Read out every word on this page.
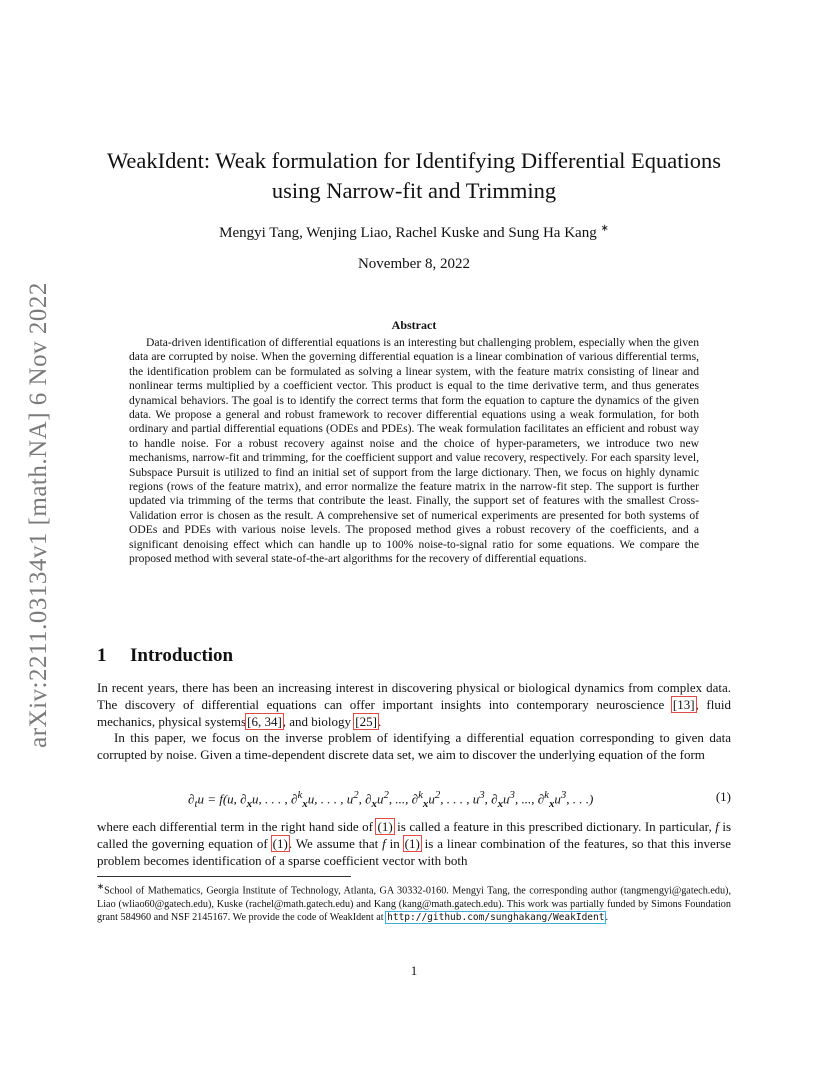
arXiv:2211.03134v1 [math.NA] 6 Nov 2022
WeakIdent: Weak formulation for Identifying Differential Equations using Narrow-fit and Trimming
Mengyi Tang, Wenjing Liao, Rachel Kuske and Sung Ha Kang ∗
November 8, 2022
Abstract

Data-driven identification of differential equations is an interesting but challenging problem, especially when the given data are corrupted by noise. When the governing differential equation is a linear combination of various differential terms, the identification problem can be formulated as solving a linear system, with the feature matrix consisting of linear and nonlinear terms multiplied by a coefficient vector. This product is equal to the time derivative term, and thus generates dynamical behaviors. The goal is to identify the correct terms that form the equation to capture the dynamics of the given data. We propose a general and robust framework to recover differential equations using a weak formulation, for both ordinary and partial differential equations (ODEs and PDEs). The weak formulation facilitates an efficient and robust way to handle noise. For a robust recovery against noise and the choice of hyper-parameters, we introduce two new mechanisms, narrow-fit and trimming, for the coefficient support and value recovery, respectively. For each sparsity level, Subspace Pursuit is utilized to find an initial set of support from the large dictionary. Then, we focus on highly dynamic regions (rows of the feature matrix), and error normalize the feature matrix in the narrow-fit step. The support is further updated via trimming of the terms that contribute the least. Finally, the support set of features with the smallest Cross-Validation error is chosen as the result. A comprehensive set of numerical experiments are presented for both systems of ODEs and PDEs with various noise levels. The proposed method gives a robust recovery of the coefficients, and a significant denoising effect which can handle up to 100% noise-to-signal ratio for some equations. We compare the proposed method with several state-of-the-art algorithms for the recovery of differential equations.

1 Introduction

In recent years, there has been an increasing interest in discovering physical or biological dynamics from complex data. The discovery of differential equations can offer important insights into contemporary neuroscience [13], fluid mechanics, physical systems[6, 34], and biology [25].

In this paper, we focus on the inverse problem of identifying a differential equation corresponding to given data corrupted by noise. Given a time-dependent discrete data set, we aim to discover the underlying equation of the form

$\partial_tu = f(u$, $\partial_xu$, . . . , ∂$^k_x$u, . . . , $u^2$, $\partial_xu^2$, ..., $\partial^k_xu^2$, . . . , $u^3$, $\partial_xu^3$, ..., $\partial^k_xu^3$, . . .)	(1)

where each differential term in the right hand side of (1) is called a feature in this prescribed dictionary. In particular, f is called the governing equation of (1). We assume that f in (1) is a linear combination of the features, so that this inverse problem becomes identification of a sparse coefficient vector with both

∗School of Mathematics, Georgia Institute of Technology, Atlanta, GA 30332-0160. Mengyi Tang, the corresponding author (tangmengyi@gatech.edu), Liao (wliao60@gatech.edu), Kuske (rachel@math.gatech.edu) and Kang (kang@math.gatech.edu). This work was partially funded by Simons Foundation grant 584960 and NSF 2145167. We provide the code of WeakIdent at http://github.com/sunghakang/WeakIdent.

1
